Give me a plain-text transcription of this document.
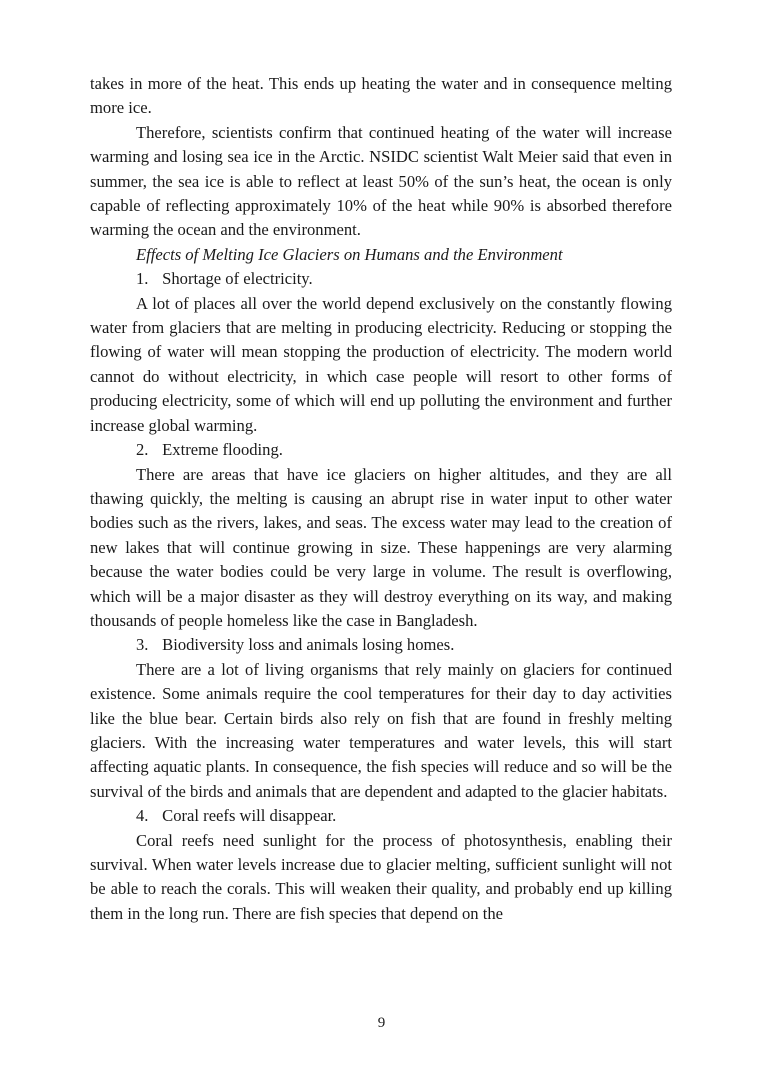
takes in more of the heat. This ends up heating the water and in consequence melting more ice.

Therefore, scientists confirm that continued heating of the water will increase warming and losing sea ice in the Arctic. NSIDC scientist Walt Meier said that even in summer, the sea ice is able to reflect at least 50% of the sun’s heat, the ocean is only capable of reflecting approximately 10% of the heat while 90% is absorbed therefore warming the ocean and the environment.

Effects of Melting Ice Glaciers on Humans and the Environment

1. Shortage of electricity.

A lot of places all over the world depend exclusively on the constantly flowing water from glaciers that are melting in producing electricity. Reducing or stopping the flowing of water will mean stopping the production of electricity. The modern world cannot do without electricity, in which case people will resort to other forms of producing electricity, some of which will end up polluting the environment and further increase global warming.

2. Extreme flooding.

There are areas that have ice glaciers on higher altitudes, and they are all thawing quickly, the melting is causing an abrupt rise in water input to other water bodies such as the rivers, lakes, and seas. The excess water may lead to the creation of new lakes that will continue growing in size. These happenings are very alarming because the water bodies could be very large in volume. The result is overflowing, which will be a major disaster as they will destroy everything on its way, and making thousands of people homeless like the case in Bangladesh.

3. Biodiversity loss and animals losing homes.

There are a lot of living organisms that rely mainly on glaciers for continued existence. Some animals require the cool temperatures for their day to day activities like the blue bear. Certain birds also rely on fish that are found in freshly melting glaciers. With the increasing water temperatures and water levels, this will start affecting aquatic plants. In consequence, the fish species will reduce and so will be the survival of the birds and animals that are dependent and adapted to the glacier habitats.

4. Coral reefs will disappear.

Coral reefs need sunlight for the process of photosynthesis, enabling their survival. When water levels increase due to glacier melting, sufficient sunlight will not be able to reach the corals. This will weaken their quality, and probably end up killing them in the long run. There are fish species that depend on the

9
